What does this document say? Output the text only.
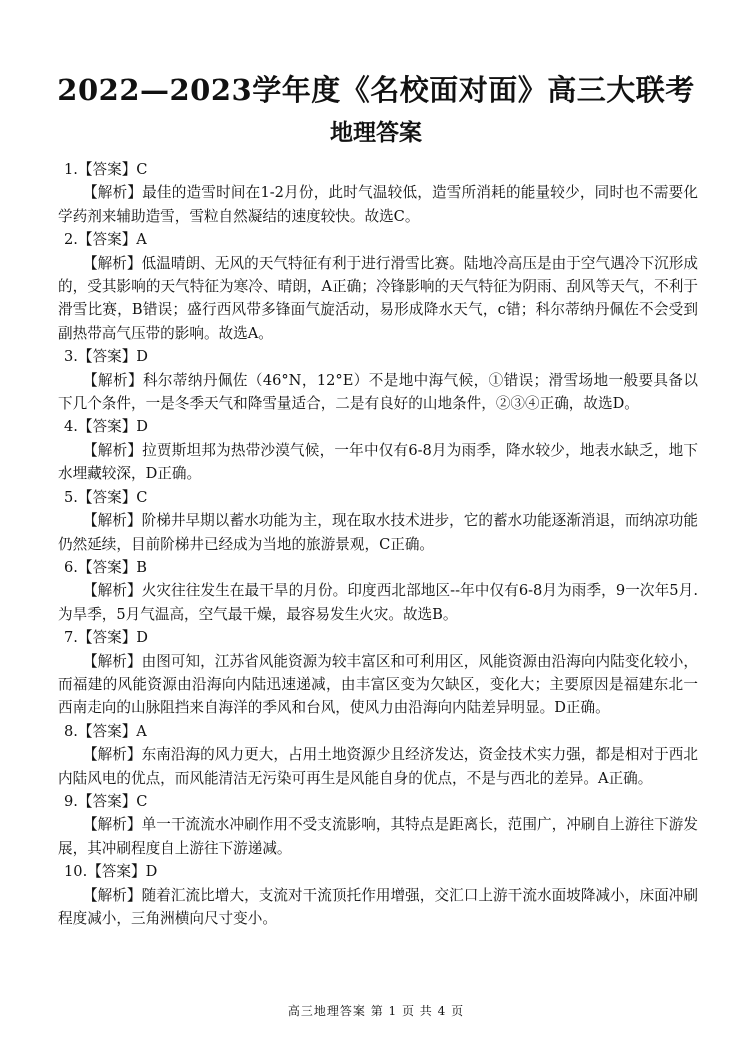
2022—2023学年度《名校面对面》高三大联考
地理答案
1.【答案】C
【解析】最佳的造雪时间在1-2月份，此时气温较低，造雪所消耗的能量较少，同时也不需要化学药剂来辅助造雪，雪粒自然凝结的速度较快。故选C。
2.【答案】A
【解析】低温晴朗、无风的天气特征有利于进行滑雪比赛。陆地冷高压是由于空气遇冷下沉形成的，受其影响的天气特征为寒冷、晴朗，A正确；冷锋影响的天气特征为阴雨、刮风等天气，不利于滑雪比赛，B错误；盛行西风带多锋面气旋活动，易形成降水天气，c错；科尔蒂纳丹佩佐不会受到副热带高气压带的影响。故选A。
3.【答案】D
【解析】科尔蒂纳丹佩佐（46°N，12°E）不是地中海气候，①错误；滑雪场地一般要具备以下几个条件，一是冬季天气和降雪量适合，二是有良好的山地条件，②③④正确，故选D。
4.【答案】D
【解析】拉贾斯坦邦为热带沙漠气候，一年中仅有6-8月为雨季，降水较少，地表水缺乏，地下水埋藏较深，D正确。
5.【答案】C
【解析】阶梯井早期以蓄水功能为主，现在取水技术进步，它的蓄水功能逐渐消退，而纳凉功能仍然延续，目前阶梯井已经成为当地的旅游景观，C正确。
6.【答案】B
【解析】火灾往往发生在最干旱的月份。印度西北部地区--年中仅有6-8月为雨季，9一次年5月.为旱季，5月气温高，空气最干燥，最容易发生火灾。故选B。
7.【答案】D
【解析】由图可知，江苏省风能资源为较丰富区和可利用区，风能资源由沿海向内陆变化较小，而福建的风能资源由沿海向内陆迅速递减，由丰富区变为欠缺区，变化大；主要原因是福建东北一西南走向的山脉阻挡来自海洋的季风和台风，使风力由沿海向内陆差异明显。D正确。
8.【答案】A
【解析】东南沿海的风力更大，占用土地资源少且经济发达，资金技术实力强，都是相对于西北内陆风电的优点，而风能清洁无污染可再生是风能自身的优点，不是与西北的差异。A正确。
9.【答案】C
【解析】单一干流流水冲刷作用不受支流影响，其特点是距离长，范围广，冲刷自上游往下游发展，其冲刷程度自上游往下游递减。
10.【答案】D
【解析】随着汇流比增大，支流对干流顶托作用增强，交汇口上游干流水面坡降减小，床面冲刷程度减小，三角洲横向尺寸变小。
高三地理答案 第 1 页 共 4 页
